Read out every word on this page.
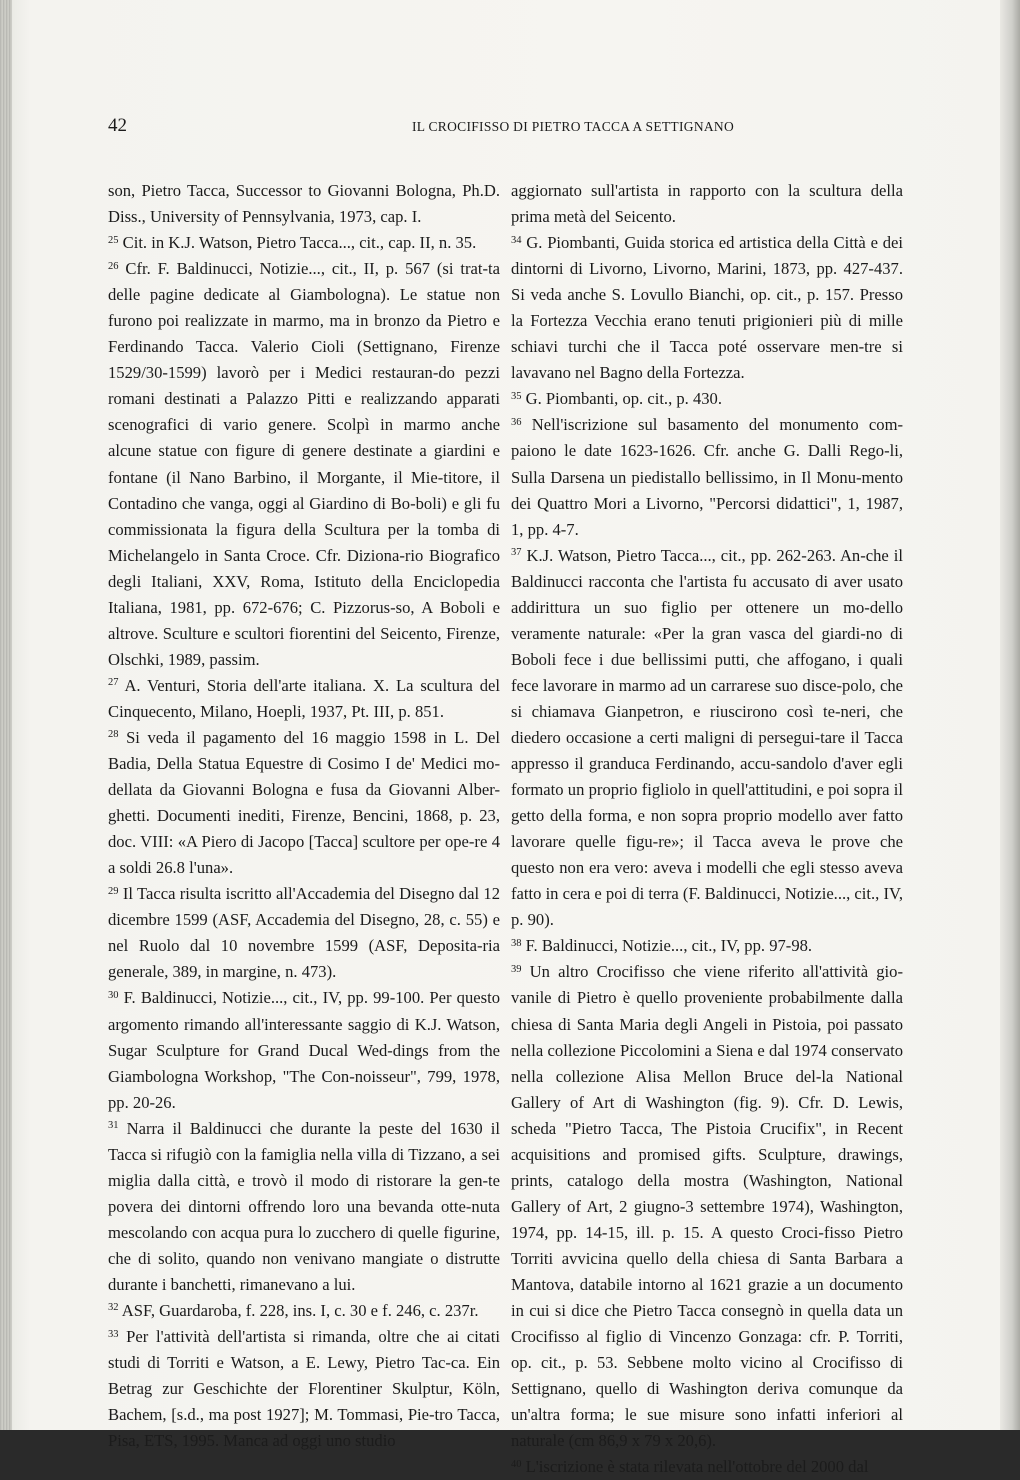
42	IL CROCIFISSO DI PIETRO TACCA A SETTIGNANO

son, Pietro Tacca, Successor to Giovanni Bologna, Ph.D. Diss., University of Pennsylvania, 1973, cap. I.

$^{25}$ Cit. in K.J. Watson, Pietro Tacca..., cit., cap. II, n. 35.

$^{26}$ Cfr. F. Baldinucci, Notizie..., cit., II, p. 567 (si trat-ta delle pagine dedicate al Giambologna). Le statue non furono poi realizzate in marmo, ma in bronzo da Pietro e Ferdinando Tacca. Valerio Cioli (Settignano, Firenze 1529/30-1599) lavorò per i Medici restauran-do pezzi romani destinati a Palazzo Pitti e realizzando apparati scenografici di vario genere. Scolpì in marmo anche alcune statue con figure di genere destinate a giardini e fontane (il Nano Barbino, il Morgante, il Mie-titore, il Contadino che vanga, oggi al Giardino di Bo-boli) e gli fu commissionata la figura della Scultura per la tomba di Michelangelo in Santa Croce. Cfr. Diziona-rio Biografico degli Italiani, XXV, Roma, Istituto della Enciclopedia Italiana, 1981, pp. 672-676; C. Pizzorus-so, A Boboli e altrove. Sculture e scultori fiorentini del Seicento, Firenze, Olschki, 1989, passim.

$^{27}$ A. Venturi, Storia dell'arte italiana. X. La scultura del Cinquecento, Milano, Hoepli, 1937, Pt. III, p. 851.

$^{28}$ Si veda il pagamento del 16 maggio 1598 in L. Del Badia, Della Statua Equestre di Cosimo I de' Medici mo-dellata da Giovanni Bologna e fusa da Giovanni Alber-ghetti. Documenti inediti, Firenze, Bencini, 1868, p. 23, doc. VIII: «A Piero di Jacopo [Tacca] scultore per ope-re 4 a soldi 26.8 l'una».

$^{29}$ Il Tacca risulta iscritto all'Accademia del Disegno dal 12 dicembre 1599 (ASF, Accademia del Disegno, 28, c. 55) e nel Ruolo dal 10 novembre 1599 (ASF, Deposita-ria generale, 389, in margine, n. 473).

$^{30}$ F. Baldinucci, Notizie..., cit., IV, pp. 99-100. Per questo argomento rimando all'interessante saggio di K.J. Watson, Sugar Sculpture for Grand Ducal Wed-dings from the Giambologna Workshop, "The Con-noisseur", 799, 1978, pp. 20-26.

$^{31}$ Narra il Baldinucci che durante la peste del 1630 il Tacca si rifugiò con la famiglia nella villa di Tizzano, a sei miglia dalla città, e trovò il modo di ristorare la gen-te povera dei dintorni offrendo loro una bevanda otte-nuta mescolando con acqua pura lo zucchero di quelle figurine, che di solito, quando non venivano mangiate o distrutte durante i banchetti, rimanevano a lui.

$^{32}$ ASF, Guardaroba, f. 228, ins. I, c. 30 e f. 246, c. 237r.

$^{33}$ Per l'attività dell'artista si rimanda, oltre che ai citati studi di Torriti e Watson, a E. Lewy, Pietro Tac-ca. Ein Betrag zur Geschichte der Florentiner Skulptur, Köln, Bachem, [s.d., ma post 1927]; M. Tommasi, Pie-tro Tacca, Pisa, ETS, 1995. Manca ad oggi uno studio

aggiornato sull'artista in rapporto con la scultura della prima metà del Seicento.

$^{34}$ G. Piombanti, Guida storica ed artistica della Città e dei dintorni di Livorno, Livorno, Marini, 1873, pp. 427-437. Si veda anche S. Lovullo Bianchi, op. cit., p. 157. Presso la Fortezza Vecchia erano tenuti prigionieri più di mille schiavi turchi che il Tacca poté osservare men-tre si lavavano nel Bagno della Fortezza.

$^{35}$ G. Piombanti, op. cit., p. 430.

$^{36}$ Nell'iscrizione sul basamento del monumento com-paiono le date 1623-1626. Cfr. anche G. Dalli Rego-li, Sulla Darsena un piedistallo bellissimo, in Il Monu-mento dei Quattro Mori a Livorno, "Percorsi didattici", 1, 1987, 1, pp. 4-7.

$^{37}$ K.J. Watson, Pietro Tacca..., cit., pp. 262-263. An-che il Baldinucci racconta che l'artista fu accusato di aver usato addirittura un suo figlio per ottenere un mo-dello veramente naturale: «Per la gran vasca del giardi-no di Boboli fece i due bellissimi putti, che affogano, i quali fece lavorare in marmo ad un carrarese suo disce-polo, che si chiamava Gianpetron, e riuscirono così te-neri, che diedero occasione a certi maligni di persegui-tare il Tacca appresso il granduca Ferdinando, accu-sandolo d'aver egli formato un proprio figliolo in quell'attitudini, e poi sopra il getto della forma, e non sopra proprio modello aver fatto lavorare quelle figu-re»; il Tacca aveva le prove che questo non era vero: aveva i modelli che egli stesso aveva fatto in cera e poi di terra (F. Baldinucci, Notizie..., cit., IV, p. 90).

$^{38}$ F. Baldinucci, Notizie..., cit., IV, pp. 97-98.

$^{39}$ Un altro Crocifisso che viene riferito all'attività gio-vanile di Pietro è quello proveniente probabilmente dalla chiesa di Santa Maria degli Angeli in Pistoia, poi passato nella collezione Piccolomini a Siena e dal 1974 conservato nella collezione Alisa Mellon Bruce del-la National Gallery of Art di Washington (fig. 9). Cfr. D. Lewis, scheda "Pietro Tacca, The Pistoia Crucifix", in Recent acquisitions and promised gifts. Sculpture, drawings, prints, catalogo della mostra (Washington, National Gallery of Art, 2 giugno-3 settembre 1974), Washington, 1974, pp. 14-15, ill. p. 15. A questo Croci-fisso Pietro Torriti avvicina quello della chiesa di Santa Barbara a Mantova, databile intorno al 1621 grazie a un documento in cui si dice che Pietro Tacca consegnò in quella data un Crocifisso al figlio di Vincenzo Gonzaga: cfr. P. Torriti, op. cit., p. 53. Sebbene molto vicino al Crocifisso di Settignano, quello di Washington deriva comunque da un'altra forma; le sue misure sono infatti inferiori al naturale (cm 86,9 x 79 x 20,6).

$^{40}$ L'iscrizione è stata rilevata nell'ottobre del 2000 dal
